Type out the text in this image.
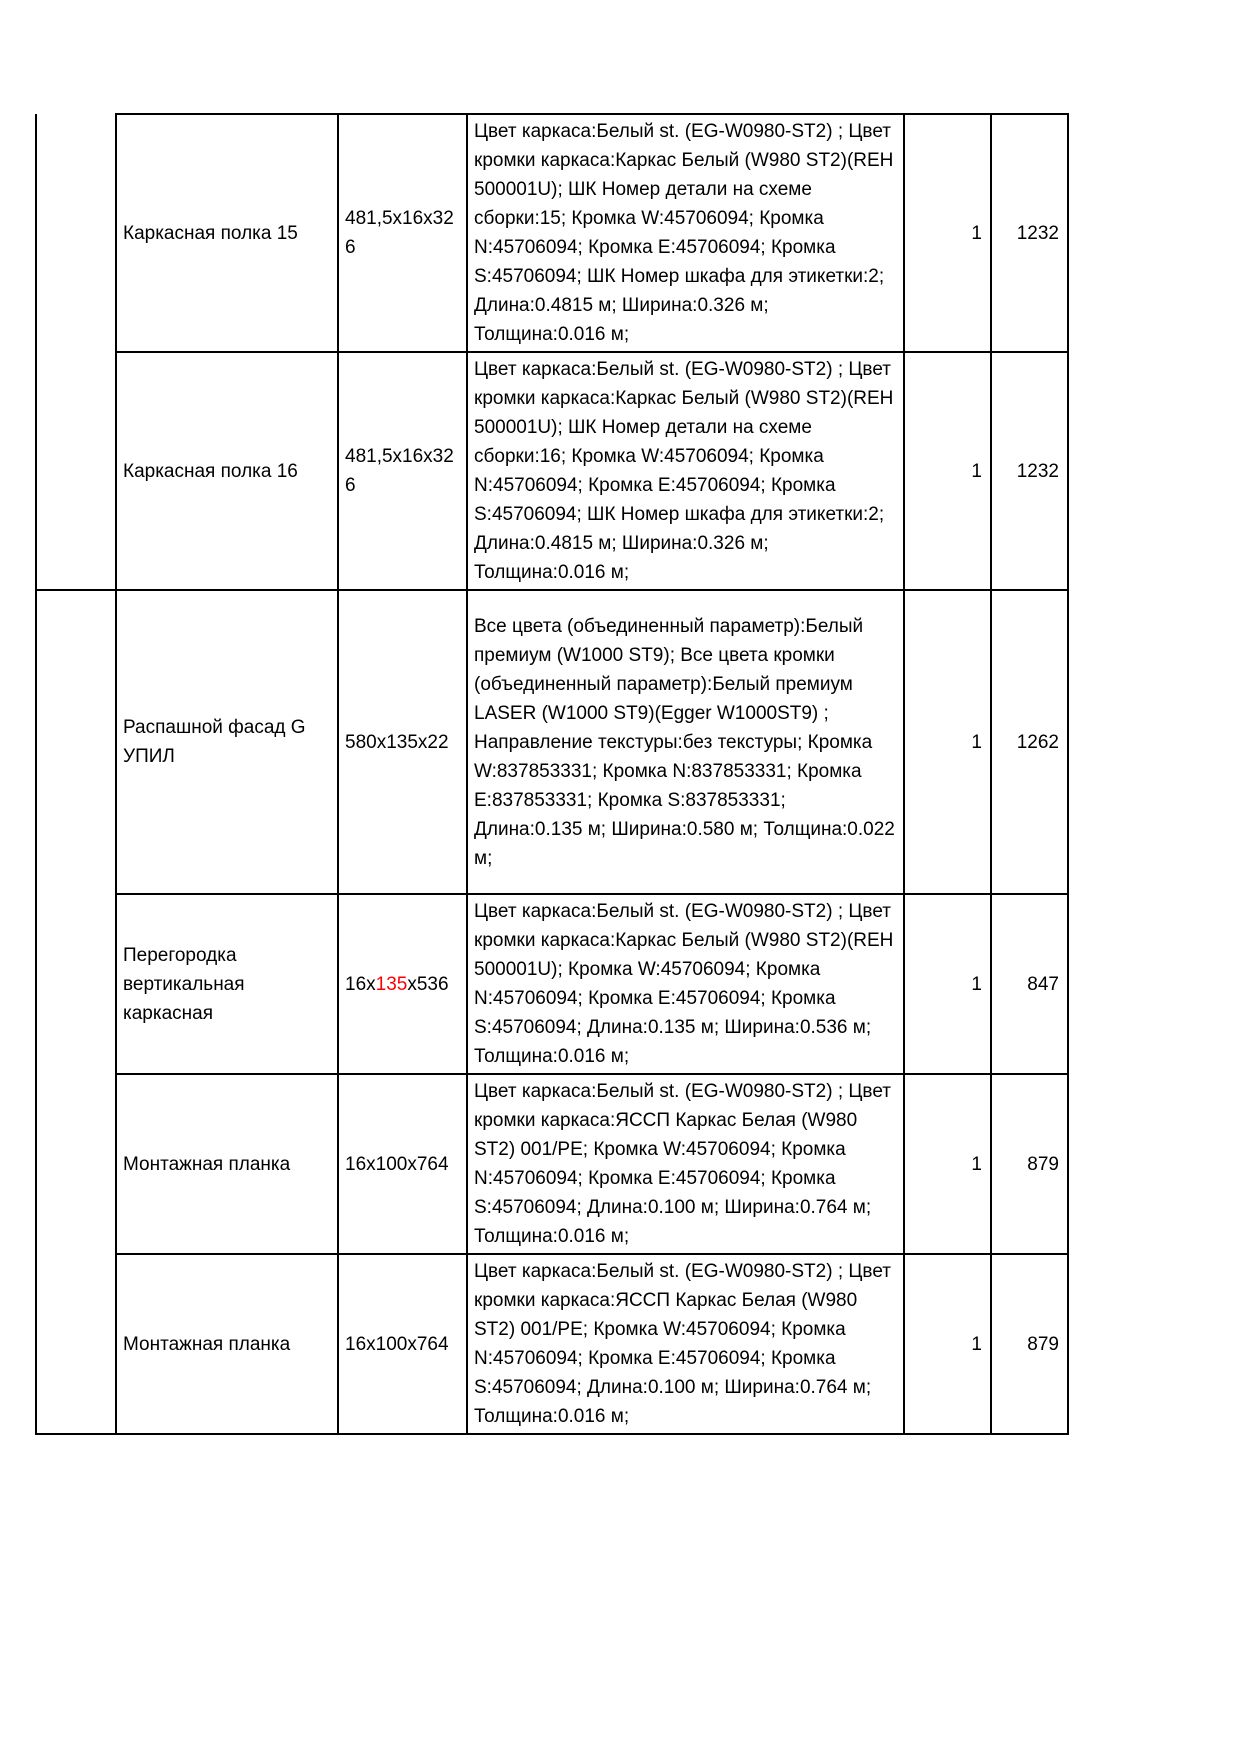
	Каркасная полка 15	481,5x16x326	Цвет каркаса:Белый st. (EG-W0980-ST2) ; Цвет кромки каркаса:Каркас Белый (W980 ST2)(REH 500001U); ШК Номер детали на схеме сборки:15; Кромка W:45706094; Кромка N:45706094; Кромка E:45706094; Кромка S:45706094; ШК Номер шкафа для этикетки:2; Длина:0.4815 м; Ширина:0.326 м; Толщина:0.016 м;	1	1232
	Каркасная полка 16	481,5x16x326	Цвет каркаса:Белый st. (EG-W0980-ST2) ; Цвет кромки каркаса:Каркас Белый (W980 ST2)(REH 500001U); ШК Номер детали на схеме сборки:16; Кромка W:45706094; Кромка N:45706094; Кромка E:45706094; Кромка S:45706094; ШК Номер шкафа для этикетки:2; Длина:0.4815 м; Ширина:0.326 м; Толщина:0.016 м;	1	1232
	Распашной фасад G УПИЛ	580x135x22	Все цвета (объединенный параметр):Белый премиум (W1000 ST9); Все цвета кромки (объединенный параметр):Белый премиум LASER (W1000 ST9)(Egger W1000ST9) ; Направление текстуры:без текстуры; Кромка W:837853331; Кромка N:837853331; Кромка E:837853331; Кромка S:837853331; Длина:0.135 м; Ширина:0.580 м; Толщина:0.022 м;	1	1262
	Перегородка вертикальная каркасная	16x135x536	Цвет каркаса:Белый st. (EG-W0980-ST2) ; Цвет кромки каркаса:Каркас Белый (W980 ST2)(REH 500001U); Кромка W:45706094; Кромка N:45706094; Кромка E:45706094; Кромка S:45706094; Длина:0.135 м; Ширина:0.536 м; Толщина:0.016 м;	1	847
	Монтажная планка	16x100x764	Цвет каркаса:Белый st. (EG-W0980-ST2) ; Цвет кромки каркаса:ЯССП Каркас Белая (W980 ST2) 001/PE; Кромка W:45706094; Кромка N:45706094; Кромка E:45706094; Кромка S:45706094; Длина:0.100 м; Ширина:0.764 м; Толщина:0.016 м;	1	879
	Монтажная планка	16x100x764	Цвет каркаса:Белый st. (EG-W0980-ST2) ; Цвет кромки каркаса:ЯССП Каркас Белая (W980 ST2) 001/PE; Кромка W:45706094; Кромка N:45706094; Кромка E:45706094; Кромка S:45706094; Длина:0.100 м; Ширина:0.764 м; Толщина:0.016 м;	1	879
